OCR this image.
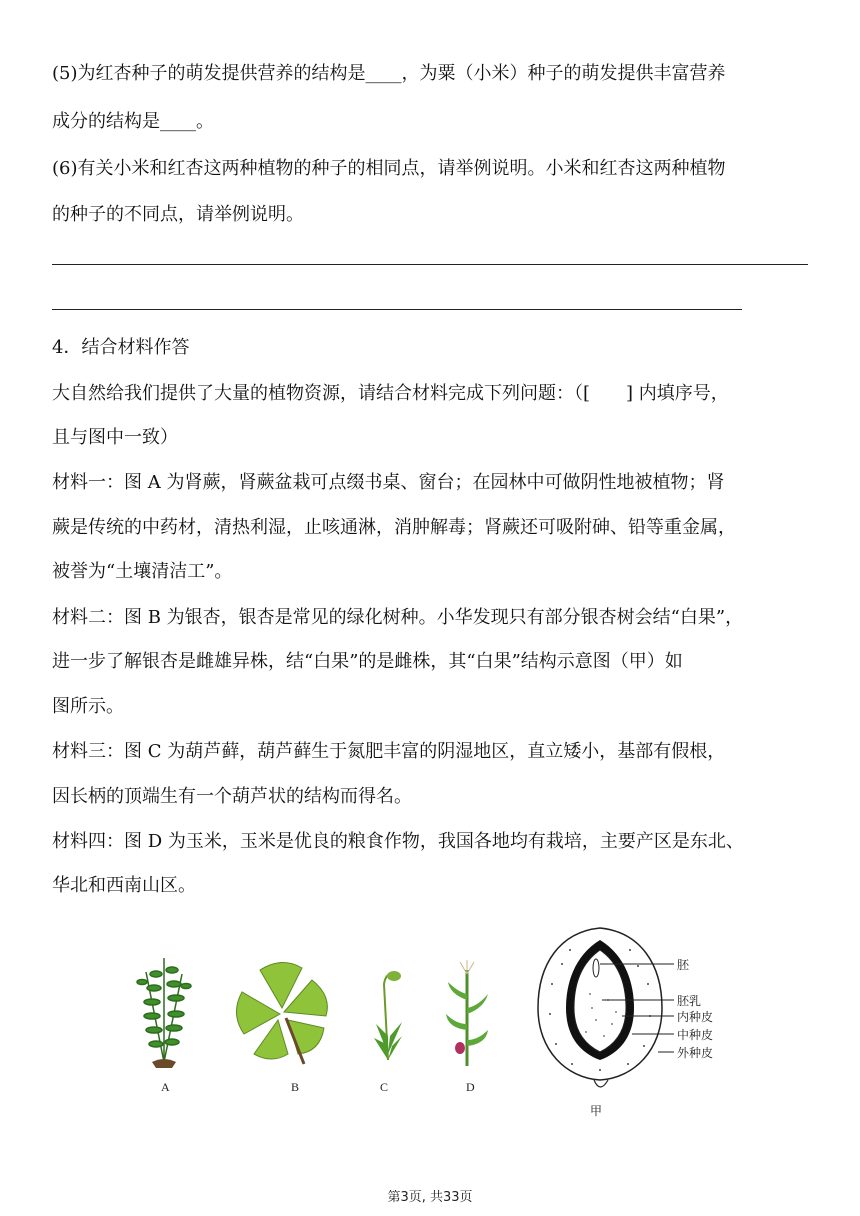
(5)为红杏种子的萌发提供营养的结构是____，为粟（小米）种子的萌发提供丰富营养
成分的结构是____。
(6)有关小米和红杏这两种植物的种子的相同点，请举例说明。小米和红杏这两种植物
的种子的不同点，请举例说明。
4．结合材料作答
大自然给我们提供了大量的植物资源，请结合材料完成下列问题：（[　　] 内填序号，
且与图中一致）
材料一：图 A 为肾蕨，肾蕨盆栽可点缀书桌、窗台；在园林中可做阴性地被植物；肾
蕨是传统的中药材，清热利湿，止咳通淋，消肿解毒；肾蕨还可吸附砷、铅等重金属，
被誉为“土壤清洁工”。
材料二：图 B 为银杏，银杏是常见的绿化树种。小华发现只有部分银杏树会结“白果”，
进一步了解银杏是雌雄异株，结“白果”的是雌株，其“白果”结构示意图（甲）如
图所示。
材料三：图 C 为葫芦藓，葫芦藓生于氮肥丰富的阴湿地区，直立矮小，基部有假根，
因长柄的顶端生有一个葫芦状的结构而得名。
材料四：图 D 为玉米，玉米是优良的粮食作物，我国各地均有栽培，主要产区是东北、
华北和西南山区。
A	B	C	D
胚
胚乳
内种皮
中种皮
外种皮
甲
第3页, 共33页
